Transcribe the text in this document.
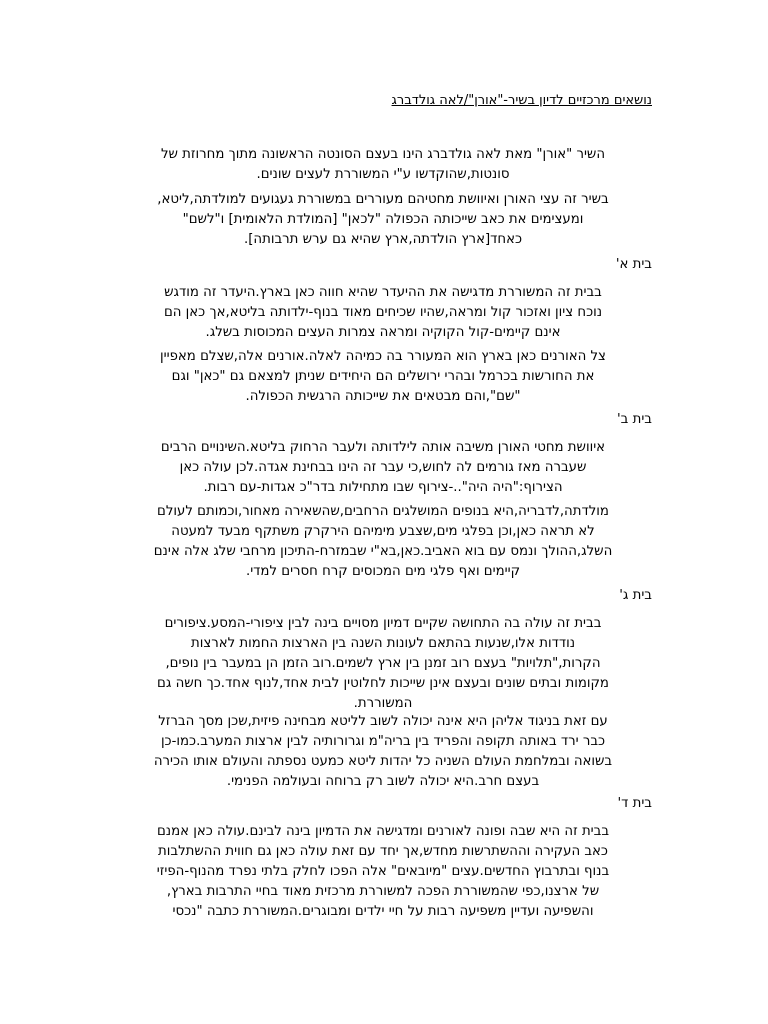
נושאים מרכזיים לדיון בשיר-"אורן"/לאה גולדברג
השיר "אורן" מאת לאה גולדברג הינו בעצם הסונטה הראשונה מתוך מחרוזת של
סונטות,שהוקדשו ע"י המשוררת לעצים שונים.
בשיר זה עצי האורן ואיוושת מחטיהם מעוררים במשוררת געגועים למולדתה,ליטא,
ומעצימים את כאב שייכותה הכפולה "לכאן" [המולדת הלאומית] ו"לשם"
כאחד[ארץ הולדתה,ארץ שהיא גם ערש תרבותה].
בית א'
בבית זה המשוררת מדגישה את ההיעדר שהיא חווה כאן בארץ.היעדר זה מודגש
נוכח ציון ואזכור קול ומראה,שהיו שכיחים מאוד בנוף-ילדותה בליטא,אך כאן הם
אינם קיימים-קול הקוקיה ומראה צמרות העצים המכוסות בשלג.
צל האורנים כאן בארץ הוא המעורר בה כמיהה לאלה.אורנים אלה,שצלם מאפיין
את החורשות בכרמל ובהרי ירושלים הם היחידים שניתן למצאם גם "כאן" וגם
"שם",והם מבטאים את שייכותה הרגשית הכפולה.
בית ב'
איוושת מחטי האורן משיבה אותה לילדותה ולעבר הרחוק בליטא.השינויים הרבים
שעברה מאז גורמים לה לחוש,כי עבר זה הינו בבחינת אגדה.לכן עולה כאן
הצירוף:"היה היה"..-צירוף שבו מתחילות בדר"כ אגדות-עם רבות.
מולדתה,לדבריה,היא בנופים המושלגים הרחבים,שהשאירה מאחור,וכמותם לעולם
לא תראה כאן,וכן בפלגי מים,שצבע מימיהם הירקרק משתקף מבעד למעטה
השלג,ההולך ונמס עם בוא האביב.כאן,בא"י שבמזרח-התיכון מרחבי שלג אלה אינם
קיימים ואף פלגי מים המכוסים קרח חסרים למדי.
בית ג'
בבית זה עולה בה התחושה שקיים דמיון מסויים בינה לבין ציפורי-המסע.ציפורים
נודדות אלו,שנעות בהתאם לעונות השנה בין הארצות החמות לארצות
הקרות,"תלויות" בעצם רוב זמנן בין ארץ לשמים.רוב הזמן הן במעבר בין נופים,
מקומות ובתים שונים ובעצם אינן שייכות לחלוטין לבית אחד,לנוף אחד.כך חשה גם
המשוררת.
עם זאת בניגוד אליהן היא אינה יכולה לשוב לליטא מבחינה פיזית,שכן מסך הברזל
כבר ירד באותה תקופה והפריד בין בריה"מ וגרורותיה לבין ארצות המערב.כמו-כן
בשואה ובמלחמת העולם השניה כל יהדות ליטא כמעט נספתה והעולם אותו הכירה
בעצם חרב.היא יכולה לשוב רק ברוחה ובעולמה הפנימי.
בית ד'
בבית זה היא שבה ופונה לאורנים ומדגישה את הדמיון בינה לבינם.עולה כאן אמנם
כאב העקירה וההשתרשות מחדש,אך יחד עם זאת עולה כאן גם חווית ההשתלבות
בנוף ובתרבוץ החדשים.עצים "מיובאים" אלה הפכו לחלק בלתי נפרד מהנוף-הפיזי
של ארצנו,כפי שהמשוררת הפכה למשוררת מרכזית מאוד בחיי התרבות בארץ,
והשפיעה ועדיין משפיעה רבות על חיי ילדים ומבוגרים.המשוררת כתבה "נכסי
